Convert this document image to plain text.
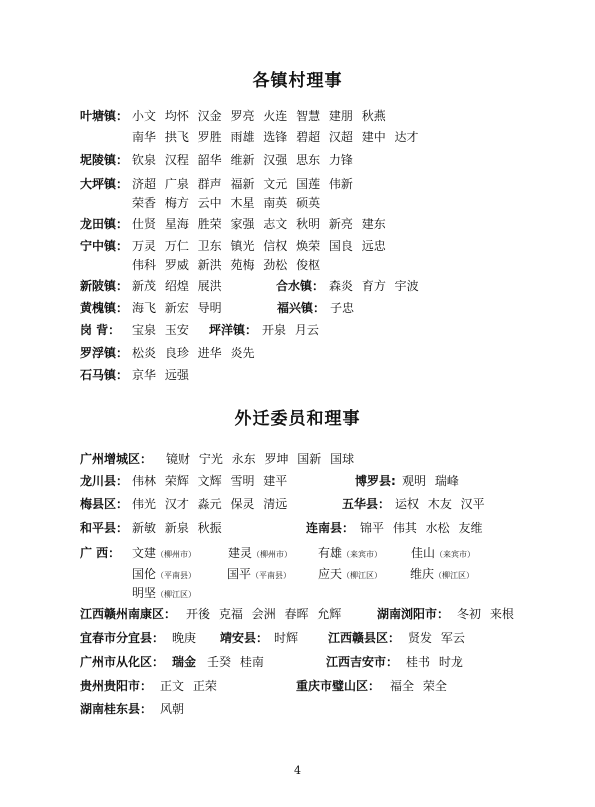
各镇村理事
叶塘镇： 小文 均怀 汉金 罗亮 火连 智慧 建朋 秋燕
南华 拱飞 罗胜 雨雄 选锋 碧超 汉超 建中 达才
坭陵镇： 钦泉 汉程 韶华 维新 汉强 思东 力锋
大坪镇： 济超 广泉 群声 福新 文元 国莲 伟新
荣香 梅方 云中 木星 南英 硕英
龙田镇： 仕贤 星海 胜荣 家强 志文 秋明 新亮 建东
宁中镇： 万灵 万仁 卫东 镇光 信权 焕荣 国良 远忠
伟科 罗威 新洪 苑梅 劲松 俊枢
新陂镇： 新茂 绍煌 展洪	合水镇： 森炎 育方 宇波
黄槐镇： 海飞 新宏 导明	福兴镇： 子忠
岗 背： 宝泉 玉安 坪洋镇： 开泉 月云
罗浮镇： 松炎 良珍 进华 炎先
石马镇： 京华 远强
外迁委员和理事
广州增城区： 镜财 宁光 永东 罗坤 国新 国球
龙川县： 伟林 荣辉 文辉 雪明 建平	博罗县: 观明 瑞峰
梅县区： 伟光 汉才 淼元 保灵 清远	五华县： 运权 木友 汉平
和平县： 新敏 新泉 秋振	连南县： 锦平 伟其 水松 友维
广 西： 文建（柳州市）	建灵（柳州市） 有雄（来宾市） 佳山（来宾市）
国伦（平南县）	国平（平南县） 应天（柳江区） 维庆（柳江区）
明坚（柳江区）
江西赣州南康区： 开後 克福 会洲 春晖 允辉	湖南浏阳市： 冬初 来根
宜春市分宜县： 晚庚 靖安县： 时辉 江西赣县区： 贤发 军云
广州市从化区： 瑞金 壬癸 桂南	江西吉安市： 桂书 时龙
贵州贵阳市： 正文 正荣	重庆市璧山区： 福全 荣全
湖南桂东县： 风朝
4
